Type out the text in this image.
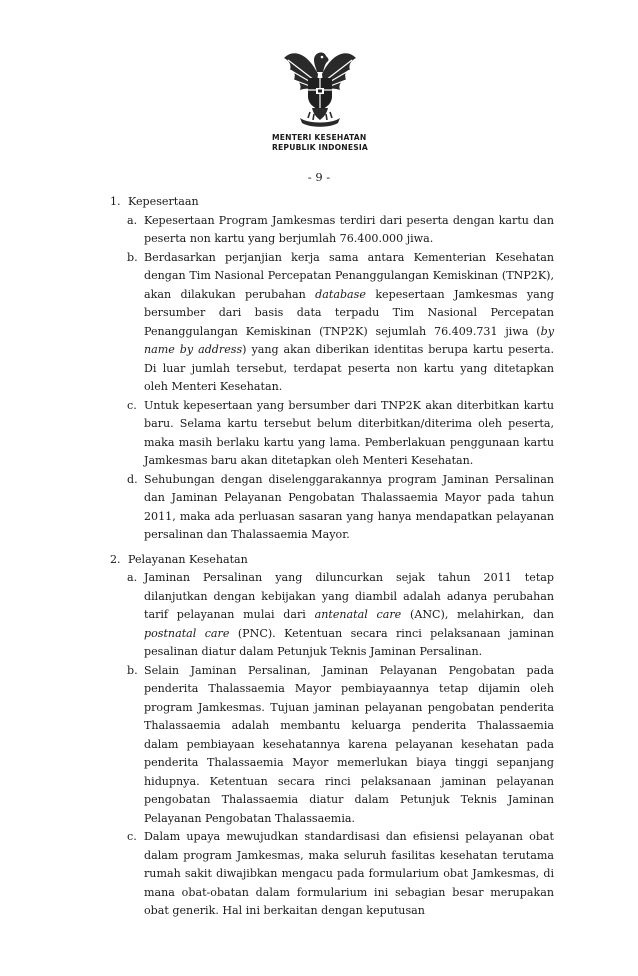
MENTERI KESEHATAN
REPUBLIK INDONESIA
- 9 -
1. Kepesertaan
a. Kepesertaan Program Jamkesmas terdiri dari peserta dengan kartu dan peserta non kartu yang berjumlah 76.400.000 jiwa.
b. Berdasarkan perjanjian kerja sama antara Kementerian Kesehatan dengan Tim Nasional Percepatan Penanggulangan Kemiskinan (TNP2K), akan dilakukan perubahan database kepesertaan Jamkesmas yang bersumber dari basis data terpadu Tim Nasional Percepatan Penanggulangan Kemiskinan (TNP2K) sejumlah 76.409.731 jiwa (by name by address) yang akan diberikan identitas berupa kartu peserta. Di luar jumlah tersebut, terdapat peserta non kartu yang ditetapkan oleh Menteri Kesehatan.
c. Untuk kepesertaan yang bersumber dari TNP2K akan diterbitkan kartu baru. Selama kartu tersebut belum diterbitkan/diterima oleh peserta, maka masih berlaku kartu yang lama. Pemberlakuan penggunaan kartu Jamkesmas baru akan ditetapkan oleh Menteri Kesehatan.
d. Sehubungan dengan diselenggarakannya program Jaminan Persalinan dan Jaminan Pelayanan Pengobatan Thalassaemia Mayor pada tahun 2011, maka ada perluasan sasaran yang hanya mendapatkan pelayanan persalinan dan Thalassaemia Mayor.
2. Pelayanan Kesehatan
a. Jaminan Persalinan yang diluncurkan sejak tahun 2011 tetap dilanjutkan dengan kebijakan yang diambil adalah adanya perubahan tarif pelayanan mulai dari antenatal care (ANC), melahirkan, dan postnatal care (PNC). Ketentuan secara rinci pelaksanaan jaminan pesalinan diatur dalam Petunjuk Teknis Jaminan Persalinan.
b. Selain Jaminan Persalinan, Jaminan Pelayanan Pengobatan pada penderita Thalassaemia Mayor pembiayaannya tetap dijamin oleh program Jamkesmas. Tujuan jaminan pelayanan pengobatan penderita Thalassaemia adalah membantu keluarga penderita Thalassaemia dalam pembiayaan kesehatannya karena pelayanan kesehatan pada penderita Thalassaemia Mayor memerlukan biaya tinggi sepanjang hidupnya. Ketentuan secara rinci pelaksanaan jaminan pelayanan pengobatan Thalassaemia diatur dalam Petunjuk Teknis Jaminan Pelayanan Pengobatan Thalassaemia.
c. Dalam upaya mewujudkan standardisasi dan efisiensi pelayanan obat dalam program Jamkesmas, maka seluruh fasilitas kesehatan terutama rumah sakit diwajibkan mengacu pada formularium obat Jamkesmas, di mana obat-obatan dalam formularium ini sebagian besar merupakan obat generik. Hal ini berkaitan dengan keputusan
